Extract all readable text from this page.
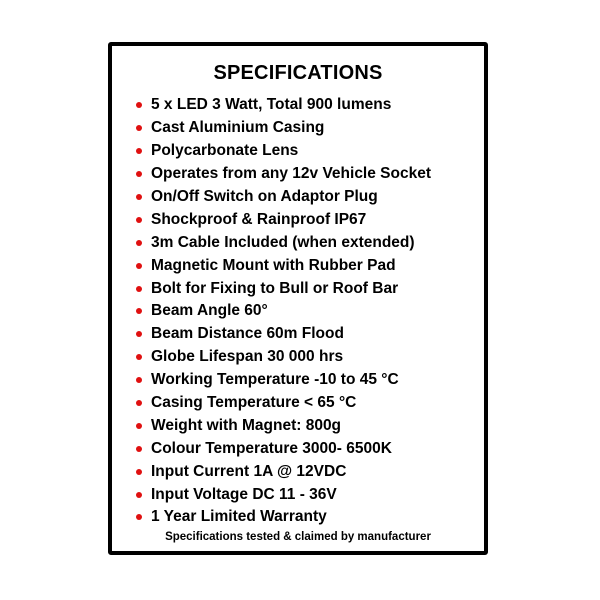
SPECIFICATIONS
5 x LED 3 Watt, Total 900 lumens
Cast Aluminium Casing
Polycarbonate Lens
Operates from any 12v Vehicle Socket
On/Off Switch on Adaptor Plug
Shockproof & Rainproof IP67
3m Cable Included (when extended)
Magnetic Mount with Rubber Pad
Bolt for Fixing to Bull or Roof Bar
Beam Angle 60°
Beam Distance 60m Flood
Globe Lifespan 30 000 hrs
Working Temperature -10 to 45 °C
Casing Temperature < 65 °C
Weight with Magnet: 800g
Colour Temperature 3000- 6500K
Input Current 1A @ 12VDC
Input Voltage DC 11 - 36V
1 Year Limited Warranty
Specifications tested & claimed by manufacturer
